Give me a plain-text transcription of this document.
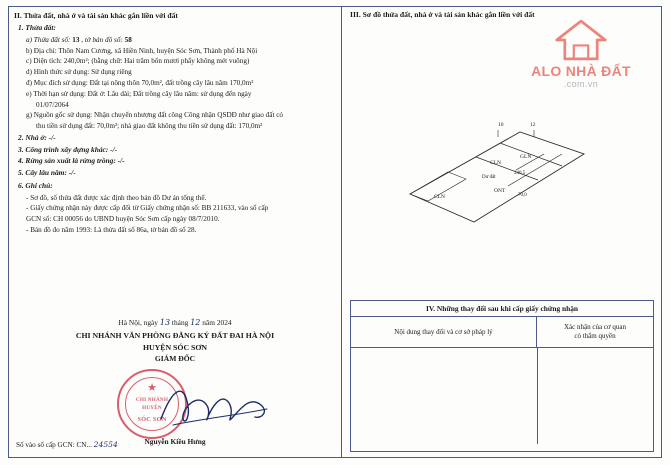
II. Thửa đất, nhà ở và tài sản khác gắn liền với đất
1. Thửa đất:
a) Thửa đất số: 13 , tờ bản đồ số: 58
b) Địa chỉ: Thôn Nam Cương, xã Hiền Ninh, huyện Sóc Sơn, Thành phố Hà Nội
c) Diện tích: 240,0m²; (bằng chữ: Hai trăm bốn mươi phẩy không mét vuông)
d) Hình thức sử dụng: Sử dụng riêng
đ) Mục đích sử dụng: Đất tại nông thôn 70,0m², đất trồng cây lâu năm 170,0m²
e) Thời hạn sử dụng: Đất ở: Lâu dài; Đất trồng cây lâu năm: sử dụng đến ngày
01/07/2064
g) Nguồn gốc sử dụng: Nhận chuyển nhượng đất công Công nhận QSDĐ như giao đất có
thu tiền sử dụng đất: 70,0m²; nhà giao đất không thu tiền sử dụng đất: 170,0m²
2. Nhà ở: -/-
3. Công trình xây dựng khác: -/-
4. Rừng sản xuất là rừng trồng: -/-
5. Cây lâu năm: -/-
6. Ghi chú:
- Sơ đồ, số thửa đất được xác định theo bản đồ Dư án tổng thể.
- Giấy chứng nhận này được cấp đối từ Giấy chứng nhận số: BB 211633, vào số cấp
GCN số: CH 00056 do UBND huyện Sóc Sơn cấp ngày 08/7/2010.
- Bản đồ đo năm 1993: Là thửa đất số 86a, tờ bản đồ số 28.
Hà Nội, ngày 13 tháng 12 năm 2024
CHI NHÁNH VĂN PHÒNG ĐĂNG KÝ ĐẤT ĐAI HÀ NỘI
HUYỆN SÓC SƠN
GIÁM ĐỐC
★
CHI NHÁNH
HUYỆN
SÓC SƠN
Nguyễn Kiều Hưng
Số vào sổ cấp GCN: CN... 24554
III. Sơ đồ thửa đất, nhà ở và tài sản khác gắn liền với đất
10	12
CLN
GLN
Dư đất
240,5
ONT
70,0
CLN
ALO NHÀ ĐẤT
.com.vn
IV. Những thay đổi sau khi cấp giấy chứng nhận
Nội dung thay đổi và cơ sở pháp lý
Xác nhận của cơ quan
có thẩm quyền
